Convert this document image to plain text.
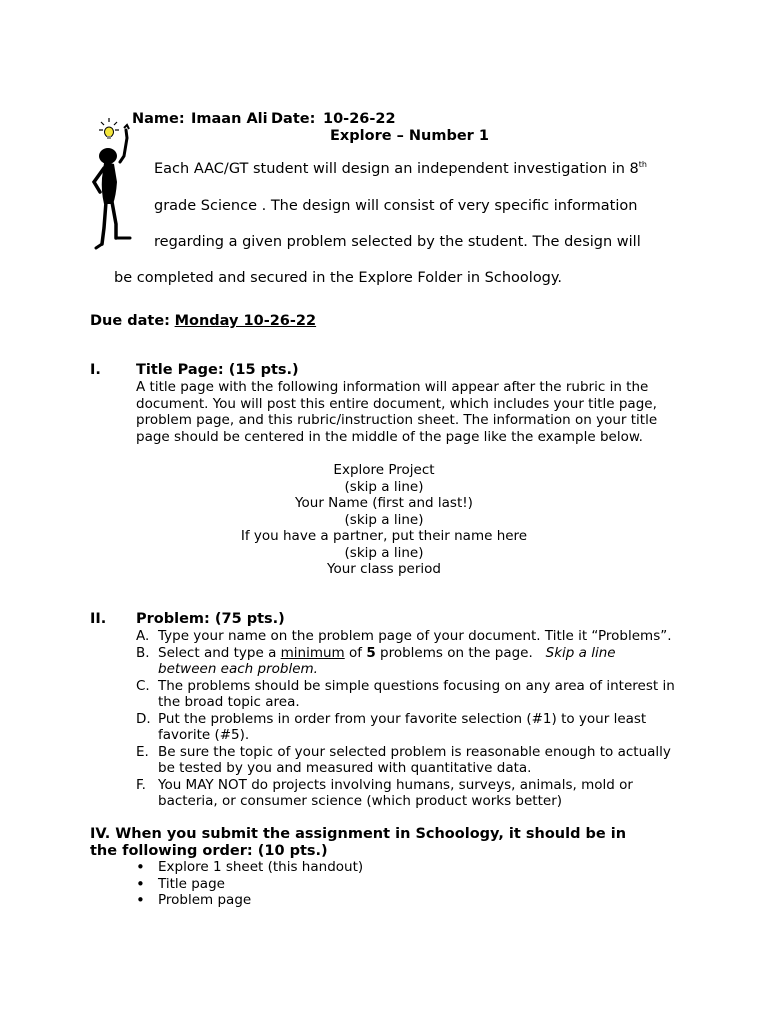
Name: Imaan Ali Date: 10-26-22
Explore – Number 1
Each AAC/GT student will design an independent investigation in 8th
grade Science . The design will consist of very specific information
regarding a given problem selected by the student. The design will
be completed and secured in the Explore Folder in Schoology.
Due date: Monday 10-26-22
I. Title Page: (15 pts.)
A title page with the following information will appear after the rubric in the document. You will post this entire document, which includes your title page, problem page, and this rubric/instruction sheet. The information on your title page should be centered in the middle of the page like the example below.
Explore Project
(skip a line)
Your Name (first and last!)
(skip a line)
If you have a partner, put their name here
(skip a line)
Your class period
II. Problem: (75 pts.)
A. Type your name on the problem page of your document. Title it “Problems”.
B. Select and type a minimum of 5 problems on the page.   Skip a line between each problem.
C. The problems should be simple questions focusing on any area of interest in the broad topic area.
D. Put the problems in order from your favorite selection (#1) to your least favorite (#5).
E. Be sure the topic of your selected problem is reasonable enough to actually be tested by you and measured with quantitative data.
F. You MAY NOT do projects involving humans, surveys, animals, mold or bacteria, or consumer science (which product works better)
IV. When you submit the assignment in Schoology, it should be in the following order: (10 pts.)
• Explore 1 sheet (this handout)
• Title page
• Problem page
